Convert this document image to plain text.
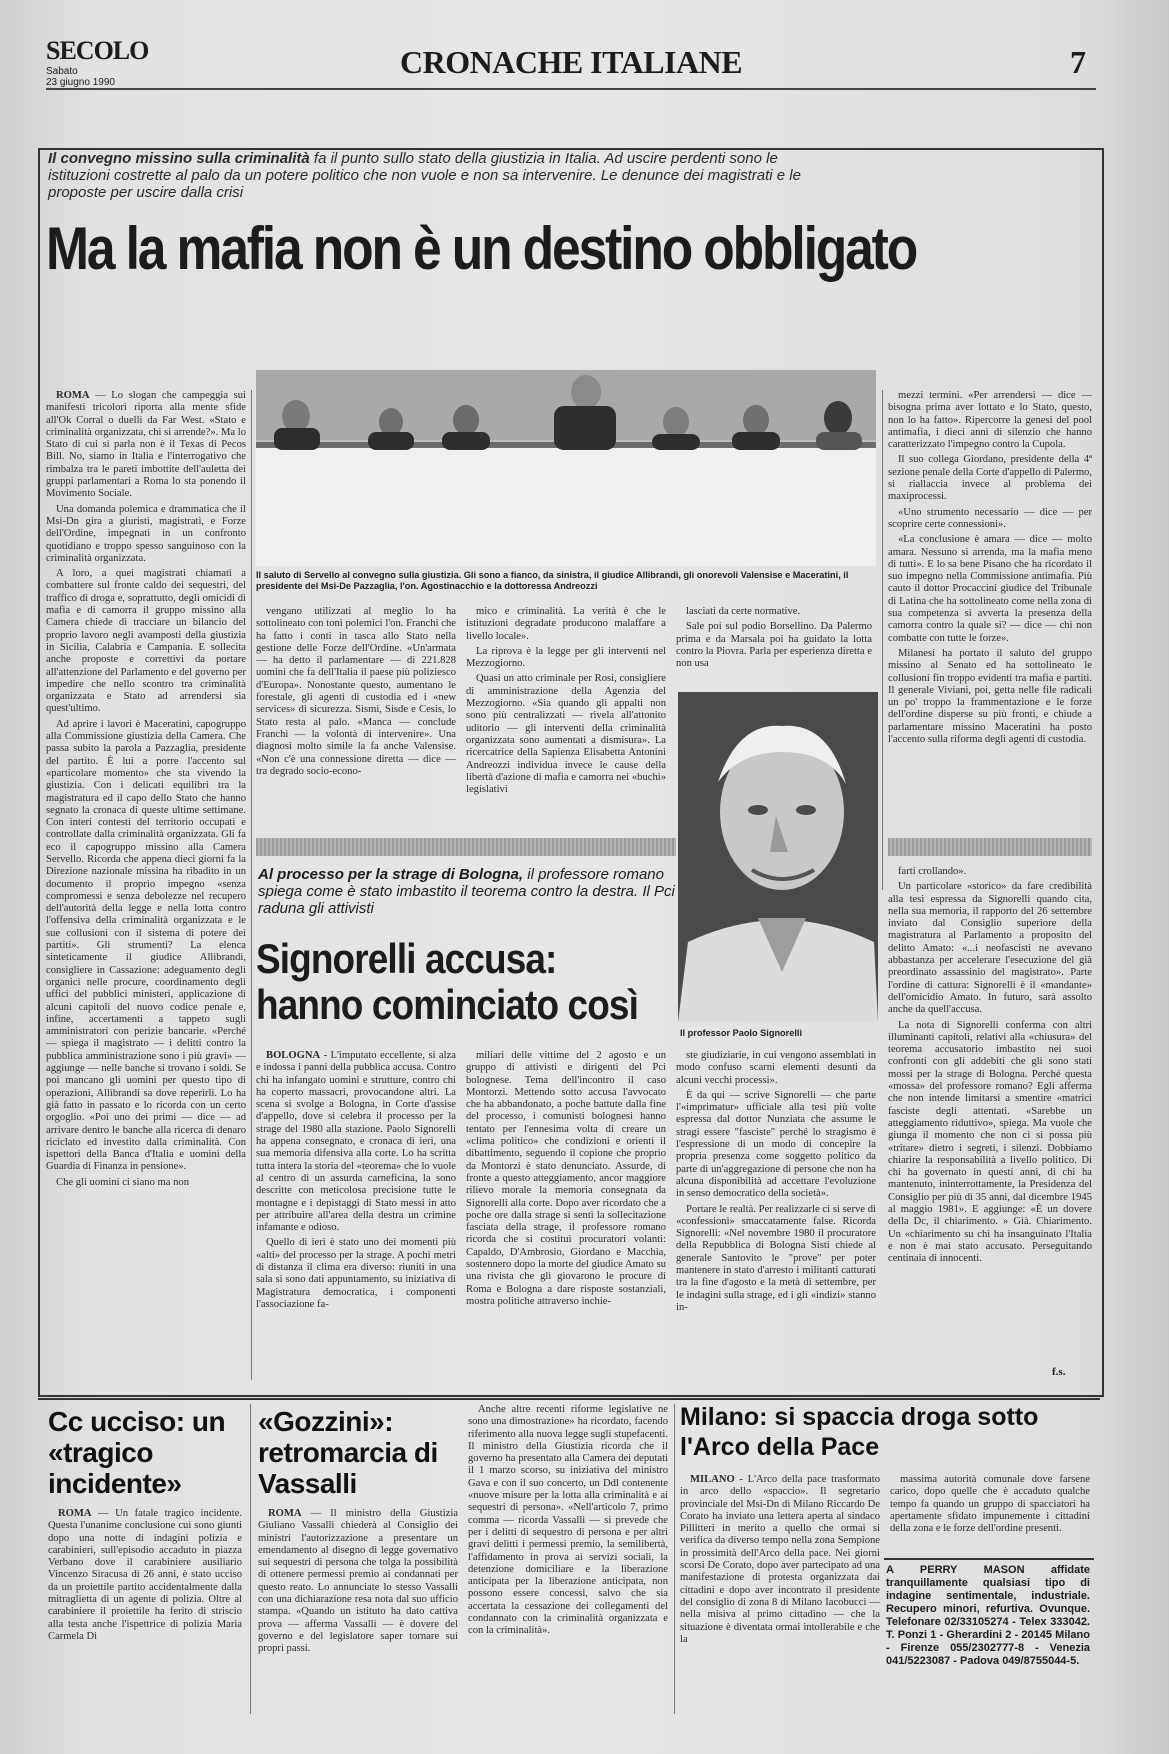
SECOLO
Sabato
23 giugno 1990
CRONACHE ITALIANE	7
Il convegno missino sulla criminalità fa il punto sullo stato della giustizia in Italia. Ad uscire perdenti sono le istituzioni costrette al palo da un potere politico che non vuole e non sa intervenire. Le denunce dei magistrati e le proposte per uscire dalla crisi
Ma la mafia non è un destino obbligato
Il saluto di Servello al convegno sulla giustizia. Gli sono a fianco, da sinistra, il giudice Allibrandi, gli onorevoli Valensise e Maceratini, il presidente del Msi-De Pazzaglia, l'on. Agostinacchio e la dottoressa Andreozzi

ROMA — Lo slogan che campeggia sui manifesti tricolori riporta alla mente sfide all'Ok Corral o duelli da Far West. «Stato e criminalità organizzata, chi si arrende?». Ma lo Stato di cui si parla non è il Texas di Pecos Bill. No, siamo in Italia e l'interrogativo che rimbalza tra le pareti imbottite dell'auletta dei gruppi parlamentari a Roma lo sta ponendo il Movimento Sociale.

Una domanda polemica e drammatica che il Msi-Dn gira a giuristi, magistrati, e Forze dell'Ordine, impegnati in un confronto quotidiano e troppo spesso sanguinoso con la criminalità organizzata.

A loro, a quei magistrati chiamati a combattere sul fronte caldo dei sequestri, del traffico di droga e, soprattutto, degli omicidi di mafia e di camorra il gruppo missino alla Camera chiede di tracciare un bilancio del proprio lavoro negli avamposti della giustizia in Sicilia, Calabria e Campania. E sollecita anche proposte e correttivi da portare all'attenzione del Parlamento e del governo per impedire che nello scontro tra criminalità organizzata e Stato ad arrendersi sia quest'ultimo.

Ad aprire i lavori è Maceratini, capogruppo alla Commissione giustizia della Camera. Che passa subito la parola a Pazzaglia, presidente del partito. È lui a porre l'accento sul «particolare momento» che sta vivendo la giustizia. Con i delicati equilibri tra la magistratura ed il capo dello Stato che hanno segnato la cronaca di queste ultime settimane. Con interi contesti del territorio occupati e controllate dalla criminalità organizzata. Gli fa eco il capogruppo missino alla Camera Servello. Ricorda che appena dieci giorni fa la Direzione nazionale missina ha ribadito in un documento il proprio impegno «senza compromessi e senza debolezze nel recupero dell'autorità della legge e nella lotta contro l'offensiva della criminalità organizzata e le sue collusioni con il sistema di potere dei partiti». Gli strumenti? La elenca sinteticamente il giudice Allibrandi, consigliere in Cassazione: adeguamento degli organici nelle procure, coordinamento degli uffici del pubblici ministeri, applicazione di alcuni capitoli del nuovo codice penale e, infine, accertamenti a tappeto sugli amministratori con perizie bancarie. «Perché — spiega il magistrato — i delitti contro la pubblica amministrazione sono i più gravi» — aggiunge — nelle banche si trovano i soldi. Se poi mancano gli uomini per questo tipo di operazioni, Allibrandi sa dove reperirli. Lo ha già fatto in passato e lo ricorda con un certo orgoglio. «Poi uno dei primi — dice — ad arrivare dentro le banche alla ricerca di denaro riciclato ed investito dalla criminalità. Con ispettori della Banca d'Italia e uomini della Guardia di Finanza in pensione».

Che gli uomini ci siano ma non

vengano utilizzati al meglio lo ha sottolineato con toni polemici l'on. Franchi che ha fatto i conti in tasca allo Stato nella gestione delle Forze dell'Ordine. «Un'armata — ha detto il parlamentare — di 221.828 uomini che fa dell'Italia il paese più poliziesco d'Europa». Nonostante questo, aumentano le forestale, gli agenti di custodia ed i «new services» di sicurezza. Sismi, Sisde e Cesis, lo Stato resta al palo. «Manca — conclude Franchi — la volontà di intervenire». Una diagnosi molto simile la fa anche Valensise. «Non c'è una connessione diretta — dice — tra degrado socio-econo-

mico e criminalità. La verità è che le istituzioni degradate producono malaffare a livello locale».

La riprova è la legge per gli interventi nel Mezzogiorno.

Quasi un atto criminale per Rosi, consigliere di amministrazione della Agenzia del Mezzogiorno. «Sia quando gli appalti non sono più centralizzati — rivela all'attonito uditorio — gli interventi della criminalità organizzata sono aumentati a dismisura». La ricercatrice della Sapienza Elisabetta Antonini Andreozzi individua invece le cause della libertà d'azione di mafia e camorra nei «buchi» legislativi

lasciati da certe normative.

Sale poi sul podio Borsellino. Da Palermo prima e da Marsala poi ha guidato la lotta contro la Piovra. Parla per esperienza diretta e non usa

mezzi termini. «Per arrendersi — dice — bisogna prima aver lottato e lo Stato, questo, non lo ha fatto». Ripercorre la genesi del pool antimafia, i dieci anni di silenzio che hanno caratterizzato l'impegno contro la Cupola.

Il suo collega Giordano, presidente della 4ª sezione penale della Corte d'appello di Palermo, si riallaccia invece al problema dei maxiprocessi.

«Uno strumento necessario — dice — per scoprire certe connessioni».

«La conclusione è amara — dice — molto amara. Nessuno si arrenda, ma la mafia meno di tutti». E lo sa bene Pisano che ha ricordato il suo impegno nella Commissione antimafia. Più cauto il dottor Procaccini giudice del Tribunale di Latina che ha sottolineato come nella zona di sua competenza si avverta la presenza della camorra contro la quale si? — dice — chi non combatte con tutte le forze».

Milanesi ha portato il saluto del gruppo missino al Senato ed ha sottolineato le collusioni fin troppo evidenti tra mafia e partiti. Il generale Viviani, poi, getta nelle file radicali un po' troppo la frammentazione e le forze dell'ordine disperse su più fronti, e chiude a parlamentare missino Maceratini ha posto l'accento sulla riforma degli agenti di custodia.

Il professor Paolo Signorelli
Al processo per la strage di Bologna, il professore romano spiega come è stato imbastito il teorema contro la destra. Il Pci raduna gli attivisti
Signorelli accusa:
hanno cominciato così

BOLOGNA - L'imputato eccellente, si alza e indossa i panni della pubblica accusa. Contro chi ha infangato uomini e strutture, contro chi ha coperto massacri, provocandone altri. La scena si svolge a Bologna, in Corte d'assise d'appello, dove si celebra il processo per la strage del 1980 alla stazione. Paolo Signorelli ha appena consegnato, e cronaca di ieri, una sua memoria difensiva alla corte. Lo ha scritta tutta intera la storia del «teorema» che lo vuole al centro di un assurda carneficina, la sono descritte con meticolosa precisione tutte le montagne e i depistaggi di Stato messi in atto per attribuire all'area della destra un crimine infamante e odioso.

Quello di ieri è stato uno dei momenti più «alti» del processo per la strage. A pochi metri di distanza il clima era diverso: riuniti in una sala si sono dati appuntamento, su iniziativa di Magistratura democratica, i componenti l'associazione fa-

miliari delle vittime del 2 agosto e un gruppo di attivisti e dirigenti del Pci bolognese. Tema dell'incontro il caso Montorzi. Mettendo sotto accusa l'avvocato che ha abbandonato, a poche battute dalla fine del processo, i comunisti bolognesi hanno tentato per l'ennesima volta di creare un «clima politico» che condizioni e orienti il dibattimento, seguendo il copione che proprio da Montorzi è stato denunciato. Assurde, di fronte a questo atteggiamento, ancor maggiore rilievo morale la memoria consegnata da Signorelli alla corte. Dopo aver ricordato che a poche ore dalla strage si sentì la sollecitazione fasciata della strage, il professore romano ricorda che si costituì procuratori volanti: Capaldo, D'Ambrosio, Giordano e Macchia, sostennero dopo la morte del giudice Amato su una rivista che gli giovarono le procure di Roma e Bologna a dare risposte sostanziali, mostra politiche attraverso inchie-

ste giudiziarie, in cui vengono assemblati in modo confuso scarni elementi desunti da alcuni vecchi processi».

È da qui — scrive Signorelli — che parte l'«imprimatur» ufficiale alla tesi più volte espressa dal dottor Nunziata che assume le stragi essere "fasciste" perché lo stragismo è l'espressione di un modo di concepire la propria presenza come soggetto politico da parte di un'aggregazione di persone che non ha alcuna disponibilità ad accettare l'evoluzione in senso democratico della società».

Portare le realtà. Per realizzarle ci si serve di «confessioni» smaccatamente false. Ricorda Signorelli: «Nel novembre 1980 il procuratore della Repubblica di Bologna Sisti chiede al generale Santovito le "prove" per poter mantenere in stato d'arresto i militanti catturati tra la fine d'agosto e la metà di settembre, per le indagini sulla strage, ed i gli «indizi» stanno in-

farti crollando».

Un particolare «storico» da fare credibilità alla tesi espressa da Signorelli quando cita, nella sua memoria, il rapporto del 26 settembre inviato dal Consiglio superiore della magistratura al Parlamento a proposito del delitto Amato: «...i neofascisti ne avevano abbastanza per accelerare l'esecuzione del già preordinato assassinio del magistrato». Parte l'ordine di cattura: Signorelli è il «mandante» dell'omicidio Amato. In futuro, sarà assolto anche da quell'accusa.

La nota di Signorelli conferma con altri illuminanti capitoli, relativi alla «chiusura» del teorema accusatorio imbastito nei suoi confronti con gli addebiti che gli sono stati mossi per la strage di Bologna. Perché questa «mossa» del professore romano? Egli afferma che non intende limitarsi a smentire «matrici fasciste degli attentati. «Sarebbe un atteggiamento riduttivo», spiega. Ma vuole che giunga il momento che non ci si possa più «tritare» dietro i segreti, i silenzi. Dobbiamo chiarire la responsabilità a livello politico. Di chi ha governato in questi anni, di chi ha mantenuto, ininterrottamente, la Presidenza del Consiglio per più di 35 anni, dal dicembre 1945 al maggio 1981». E aggiunge: «È un dovere della Dc, il chiarimento. » Già. Chiarimento. Un «chiarimento su chi ha insanguinato l'Italia e non è mai stato accusato. Perseguitando centinaia di innocenti.

f.s.
Cc ucciso: un «tragico incidente»

ROMA — Un fatale tragico incidente. Questa l'unanime conclusione cui sono giunti dopo una notte di indagini polizia e carabinieri, sull'episodio accaduto in piazza Verbano dove il carabiniere ausiliario Vincenzo Siracusa di 26 anni, è stato ucciso da un proiettile partito accidentalmente dalla mitraglietta di un agente di polizia. Oltre al carabiniere il proiettile ha ferito di striscio alla testa anche l'ispettrice di polizia Maria Carmela Di

«Gozzini»: retromarcia di Vassalli

ROMA — Il ministro della Giustizia Giuliano Vassalli chiederà al Consiglio dei ministri l'autorizzazione a presentare un emendamento al disegno di legge governativo sui sequestri di persona che tolga la possibilità di ottenere permessi premio ai condannati per questo reato. Lo annunciate lo stesso Vassalli con una dichiarazione resa nota dal suo ufficio stampa. «Quando un istituto ha dato cattiva prova — afferma Vassalli — è dovere del governo e del legislatore saper tornare sui propri passi.

Anche altre recenti riforme legislative ne sono una dimostrazione» ha ricordato, facendo riferimento alla nuova legge sugli stupefacenti. Il ministro della Giustizia ricorda che il governo ha presentato alla Camera dei deputati il 1 marzo scorso, su iniziativa del ministro Gava e con il suo concerto, un Ddl contenente «nuove misure per la lotta alla criminalità e ai sequestri di persona». «Nell'articolo 7, primo comma — ricorda Vassalli — si prevede che per i delitti di sequestro di persona e per altri gravi delitti i permessi premio, la semilibertà, l'affidamento in prova ai servizi sociali, la detenzione domiciliare e la liberazione anticipata per la liberazione anticipata, non possono essere concessi, salvo che sia accertata la cessazione dei collegamenti del condannato con la criminalità organizzata e con la criminalità».

Milano: si spaccia droga sotto l'Arco della Pace

MILANO - L'Arco della pace trasformato in arco dello «spaccio». Il segretario provinciale del Msi-Dn di Milano Riccardo De Corato ha inviato una lettera aperta al sindaco Pillitteri in merito a quello che ormai si verifica da diverso tempo nella zona Sempione in prossimità dell'Arco della pace. Nei giorni scorsi De Corato, dopo aver partecipato ad una manifestazione di protesta organizzata dai cittadini e dopo aver incontrato il presidente del consiglio di zona 8 di Milano Iacobucci — nella misiva al primo cittadino — che la situazione è diventata ormai intollerabile e che la

massima autorità comunale dove farsene carico, dopo quelle che è accaduto qualche tempo fa quando un gruppo di spacciatori ha apertamente sfidato impunemente i cittadini della zona e le forze dell'ordine presenti.

A PERRY MASON affidate tranquillamente qualsiasi tipo di indagine sentimentale, industriale. Recupero minori, refurtiva. Ovunque. Telefonare 02/33105274 - Telex 333042. T. Ponzi 1 - Gherardini 2 - 20145 Milano - Firenze 055/2302777-8 - Venezia 041/5223087 - Padova 049/8755044-5.
